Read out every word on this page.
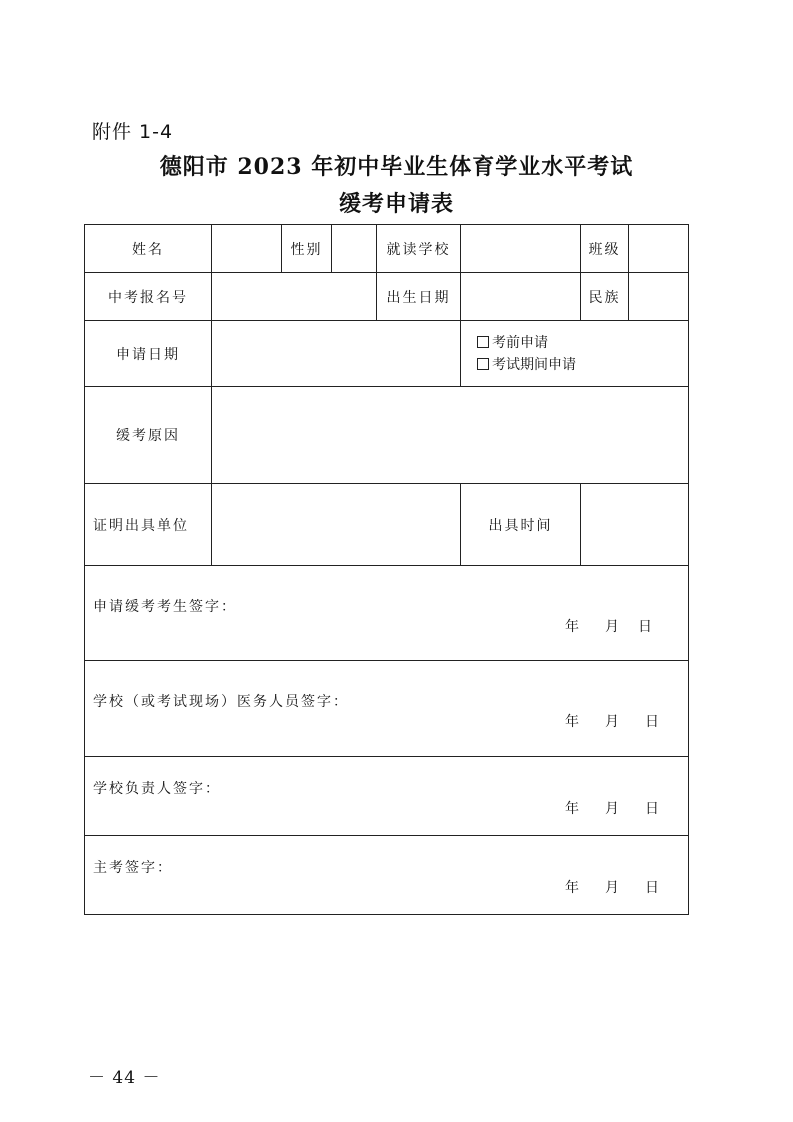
附件 1-4
德阳市 2023 年初中毕业生体育学业水平考试
缓考申请表
姓名		性别		就读学校		班级	
中考报名号				出生日期		民族	
申请日期					考前申请
考试期间申请		

缓考原因							
证明出具单位					出具时间		

申请缓考考生签字：
年 月 日							

学校（或考试现场）医务人员签字：
年 月 日							

学校负责人签字：
年 月 日							

主考签字：
年 月 日							
－ 44 －
